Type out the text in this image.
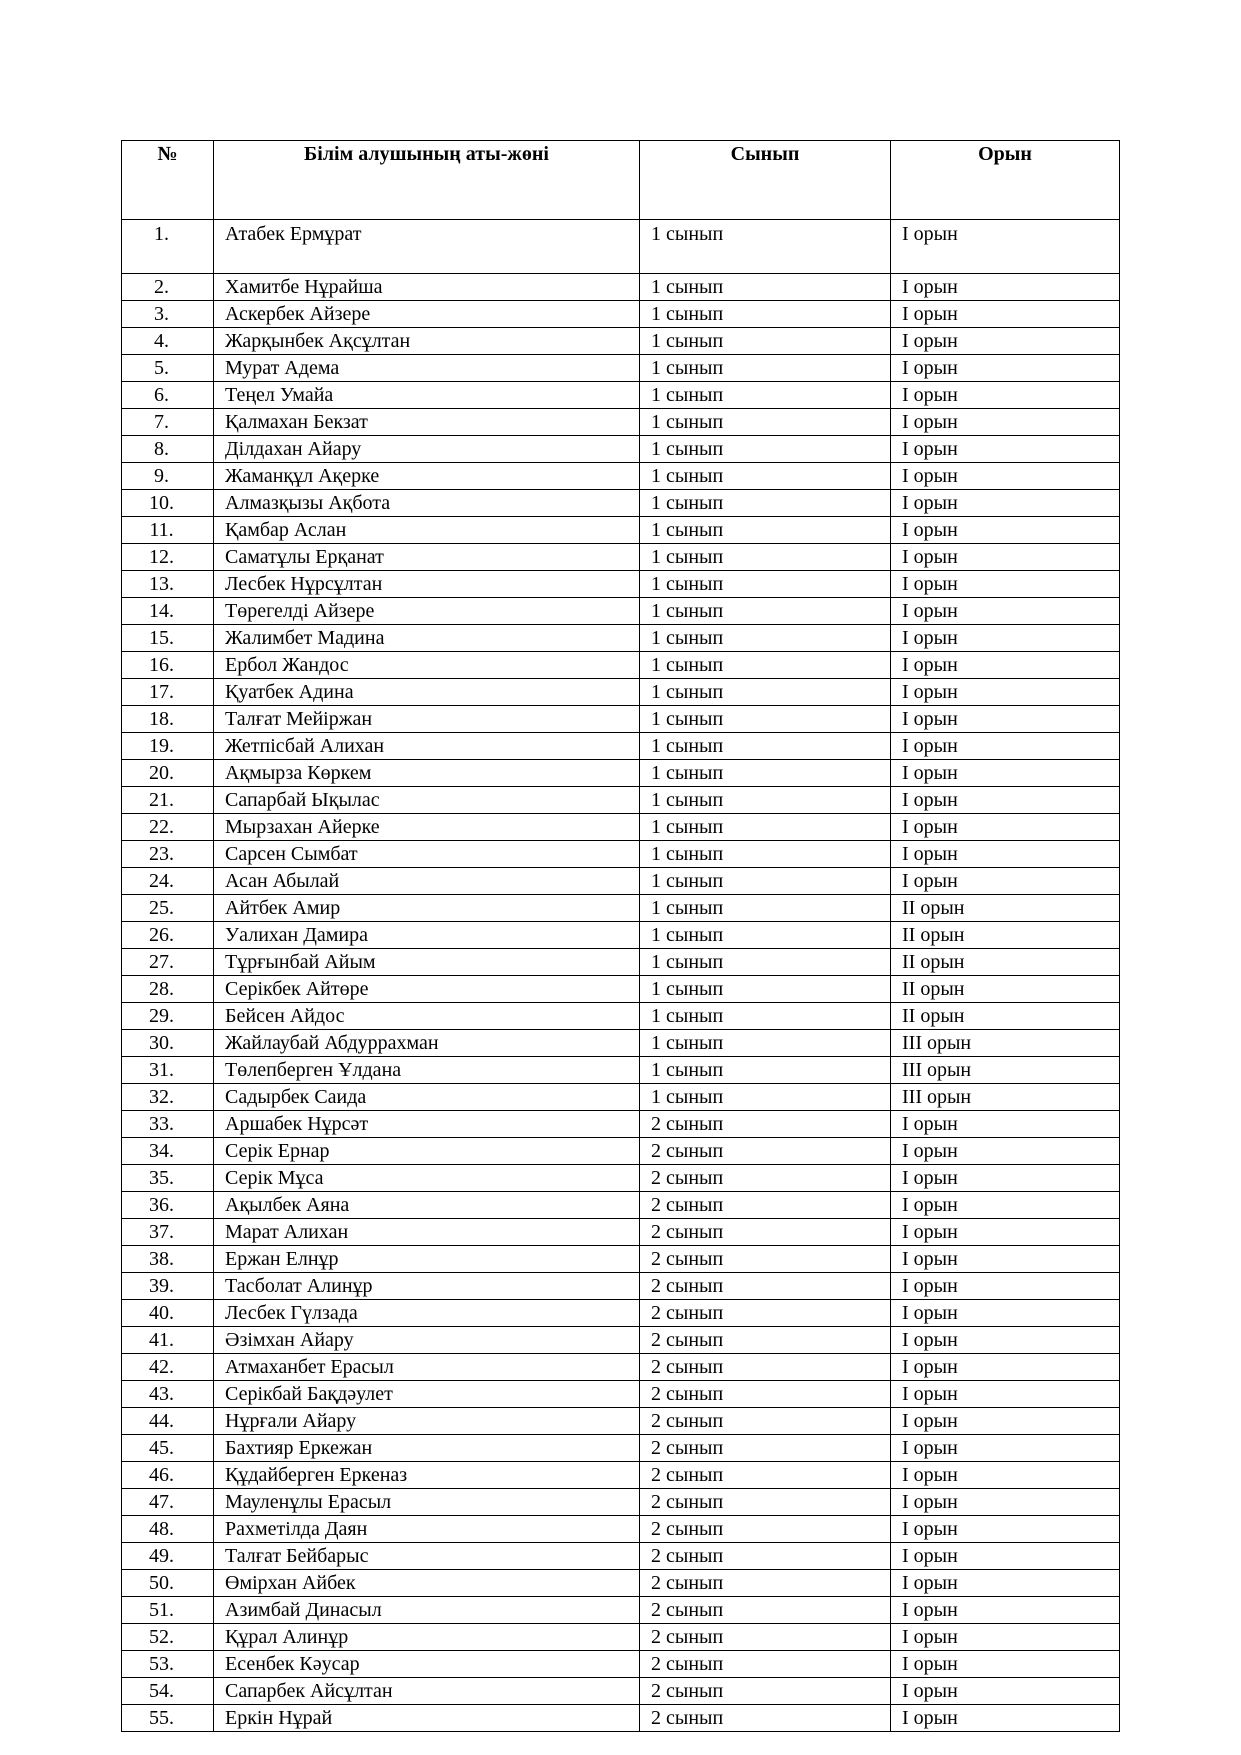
№	Білім алушының аты-жөні	Сынып	Орын
1.	Атабек Ермұрат	1 сынып	I орын
2.	Хамитбе Нұрайша	1 сынып	I орын
3.	Аскербек Айзере	1 сынып	I орын
4.	Жарқынбек Ақсұлтан	1 сынып	I орын
5.	Мурат Адема	1 сынып	I орын
6.	Теңел Умайа	1 сынып	I орын
7.	Қалмахан Бекзат	1 сынып	I орын
8.	Ділдахан Айару	1 сынып	I орын
9.	Жаманқұл Ақерке	1 сынып	I орын
10.	Алмазқызы Ақбота	1 сынып	I орын
11.	Қамбар Аслан	1 сынып	I орын
12.	Саматұлы Ерқанат	1 сынып	I орын
13.	Лесбек Нұрсұлтан	1 сынып	I орын
14.	Төрегелді Айзере	1 сынып	I орын
15.	Жалимбет Мадина	1 сынып	I орын
16.	Ербол Жандос	1 сынып	I орын
17.	Қуатбек Адина	1 сынып	I орын
18.	Талғат Мейіржан	1 сынып	I орын
19.	Жетпісбай Алихан	1 сынып	I орын
20.	Ақмырза Көркем	1 сынып	I орын
21.	Сапарбай Ықылас	1 сынып	I орын
22.	Мырзахан Айерке	1 сынып	I орын
23.	Сарсен Сымбат	1 сынып	I орын
24.	Асан Абылай	1 сынып	I орын
25.	Айтбек Амир	1 сынып	II орын
26.	Уалихан Дамира	1 сынып	II орын
27.	Тұрғынбай Айым	1 сынып	II орын
28.	Серікбек Айтөре	1 сынып	II орын
29.	Бейсен Айдос	1 сынып	II орын
30.	Жайлаубай Абдуррахман	1 сынып	III орын
31.	Төлепберген Ұлдана	1 сынып	III орын
32.	Садырбек Саида	1 сынып	III орын
33.	Аршабек Нұрсәт	2 сынып	I орын
34.	Серік Ернар	2 сынып	I орын
35.	Серік Мұса	2 сынып	I орын
36.	Ақылбек Аяна	2 сынып	I орын
37.	Марат Алихан	2 сынып	I орын
38.	Ержан Елнұр	2 сынып	I орын
39.	Тасболат Алинұр	2 сынып	I орын
40.	Лесбек Гүлзада	2 сынып	I орын
41.	Әзімхан Айару	2 сынып	I орын
42.	Атмаханбет Ерасыл	2 сынып	I орын
43.	Серікбай Бақдәулет	2 сынып	I орын
44.	Нұрғали Айару	2 сынып	I орын
45.	Бахтияр Еркежан	2 сынып	I орын
46.	Құдайберген Еркеназ	2 сынып	I орын
47.	Мауленұлы Ерасыл	2 сынып	I орын
48.	Рахметілда Даян	2 сынып	I орын
49.	Талғат Бейбарыс	2 сынып	I орын
50.	Өмірхан Айбек	2 сынып	I орын
51.	Азимбай Динасыл	2 сынып	I орын
52.	Құрал Алинұр	2 сынып	I орын
53.	Есенбек Кәусар	2 сынып	I орын
54.	Сапарбек Айсұлтан	2 сынып	I орын
55.	Еркін Нұрай	2 сынып	I орын
